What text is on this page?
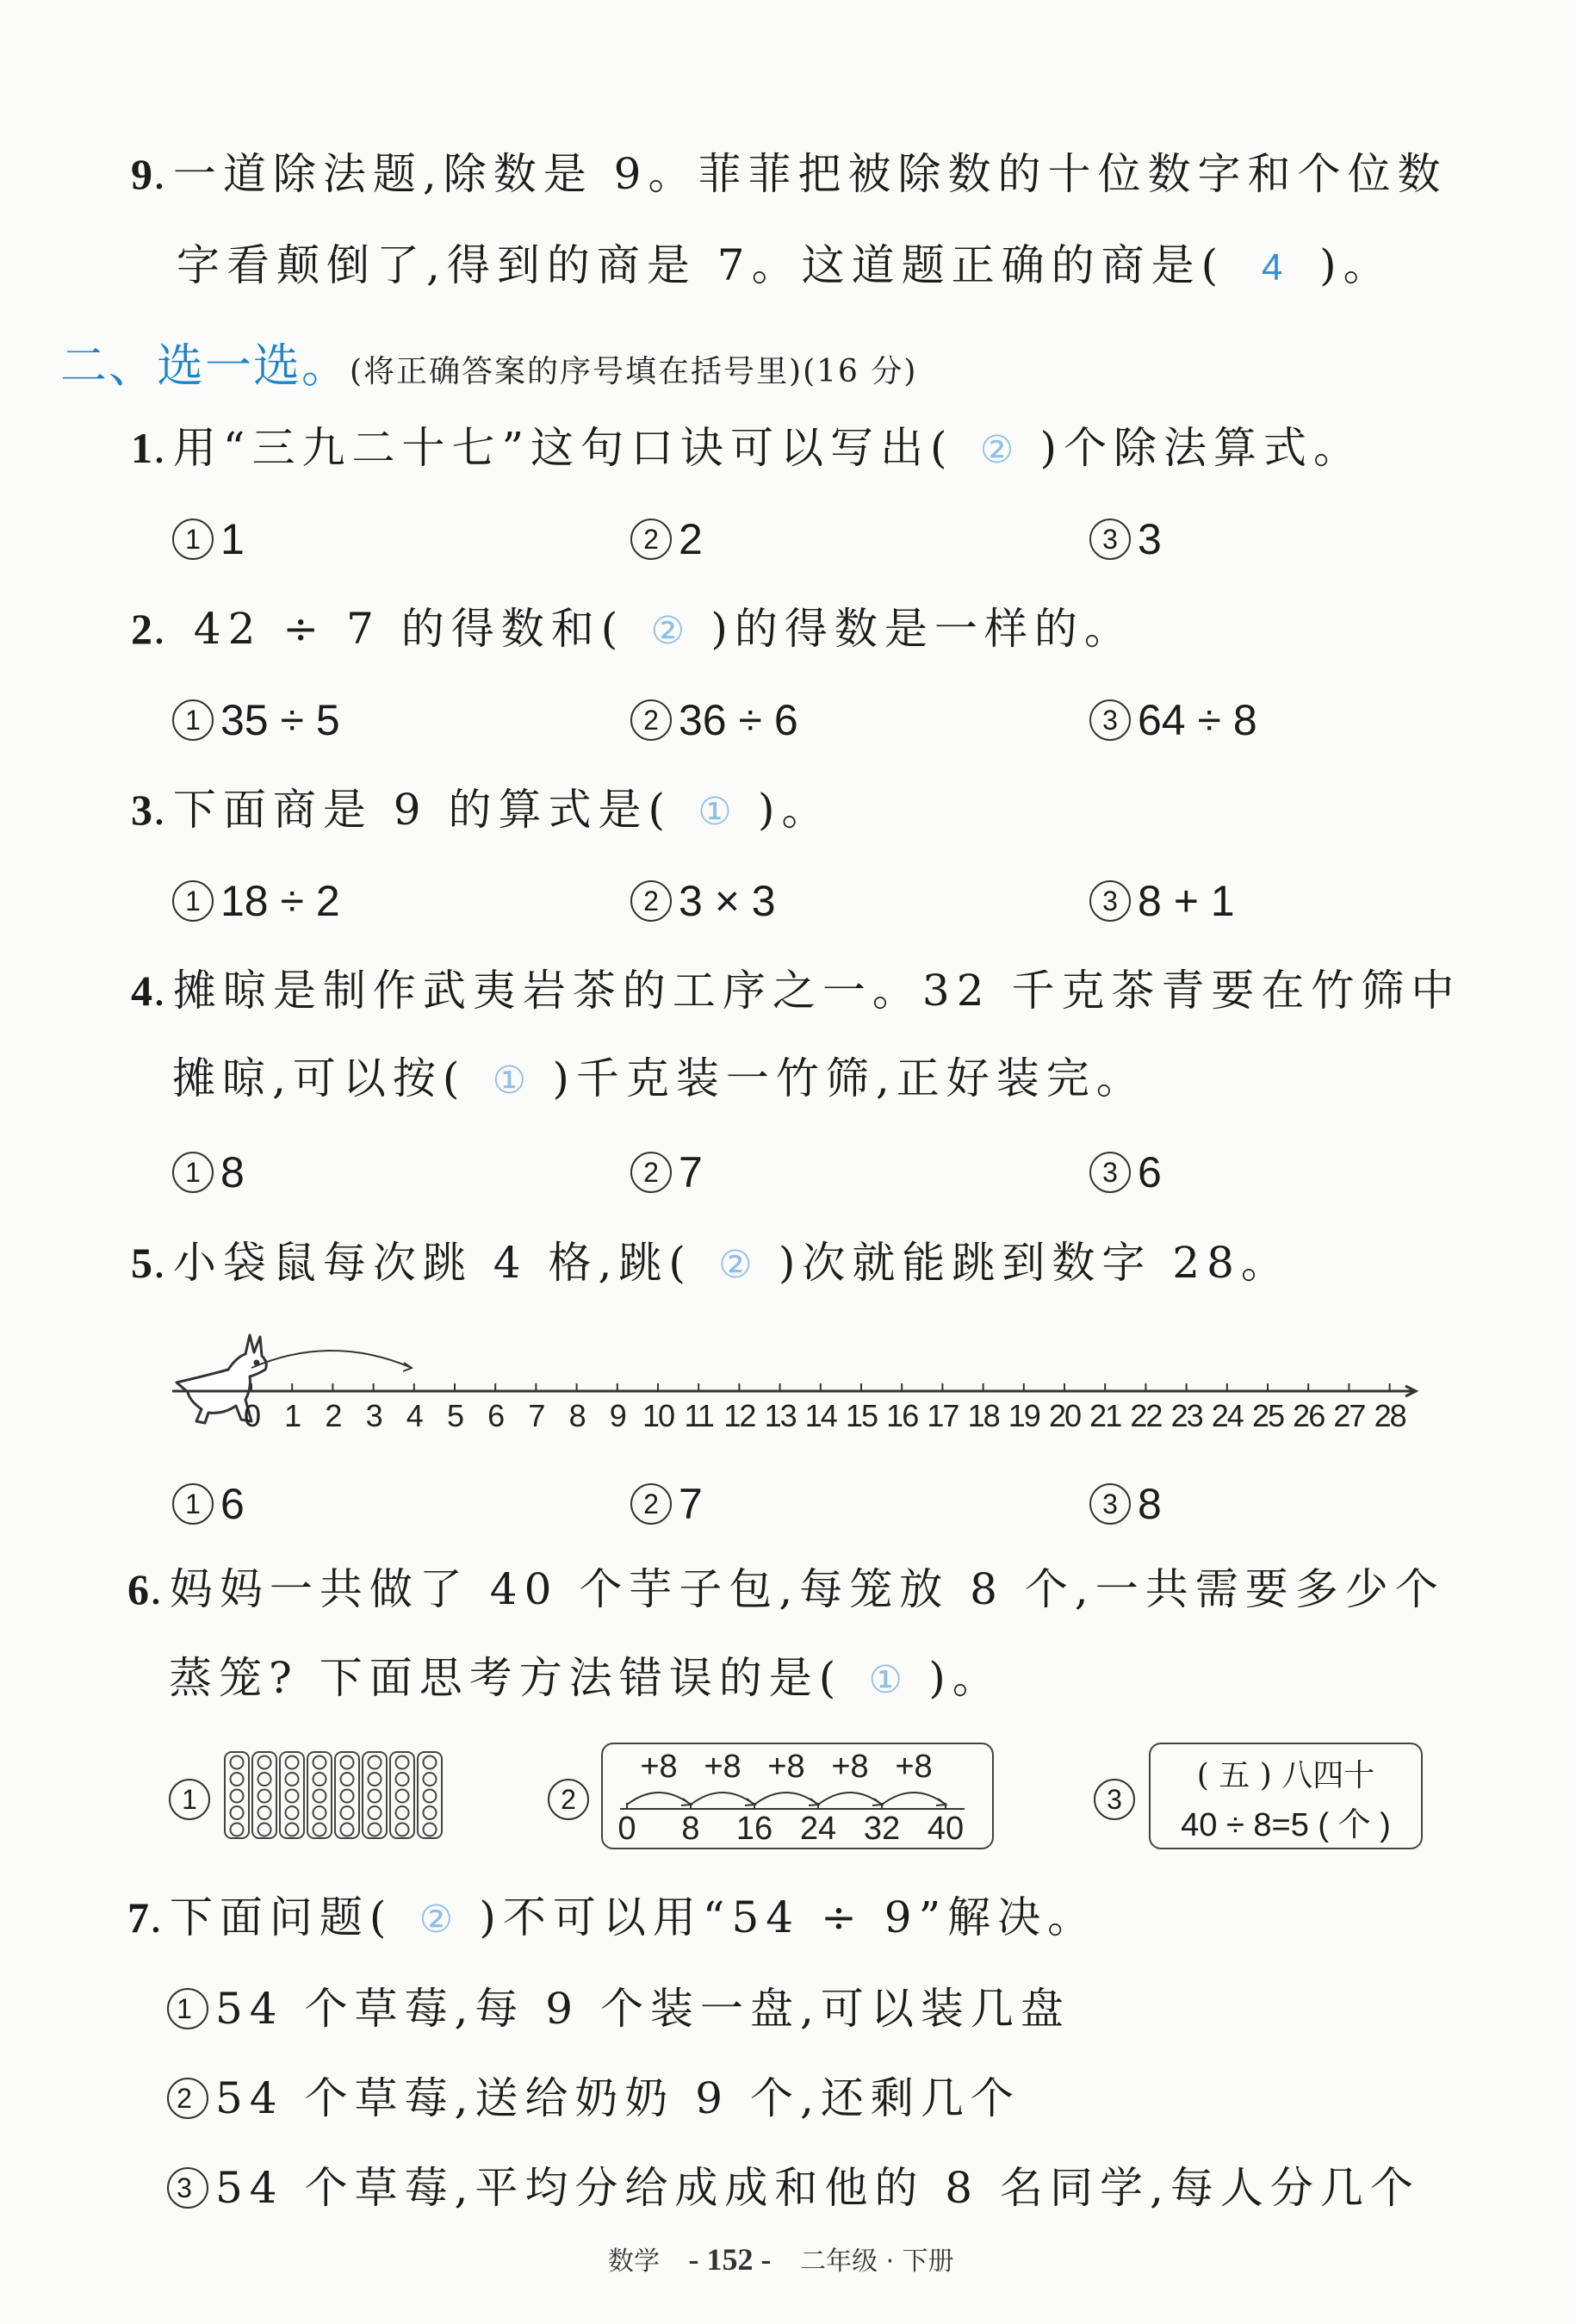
9.一道除法题,除数是 9。菲菲把被除数的十位数字和个位数
字看颠倒了,得到的商是 7。这道题正确的商是( 4 )。
二、选一选。(将正确答案的序号填在括号里)(16 分)
1.用“三九二十七”这句口诀可以写出( ② )个除法算式。
1 1	2 2	3 3
2. 42 ÷ 7 的得数和( ② )的得数是一样的。
1 35 ÷ 5	2 36 ÷ 6	3 64 ÷ 8
3.下面商是 9 的算式是( ① )。
1 18 ÷ 2	2 3 × 3	3 8 + 1
4.摊晾是制作武夷岩茶的工序之一。32 千克茶青要在竹筛中
摊晾,可以按( ① )千克装一竹筛,正好装完。
1 8	2 7	3 6
5.小袋鼠每次跳 4 格,跳( ② )次就能跳到数字 28。
0 1 2 3 4 5 6 7 8 9 10 11 12 13 14 15 16 17 18 19 20 21 22 23 24 25 26 27 28
1 6	2 7	3 8
6.妈妈一共做了 40 个芋子包,每笼放 8 个,一共需要多少个
蒸笼? 下面思考方法错误的是( ① )。
1	2
0 8 16 24 32 40
+8 +8 +8 +8 +8
3
( 五 ) 八四十
40 ÷ 8=5 ( 个 )
7.下面问题( ② )不可以用“54 ÷ 9”解决。
1 54 个草莓,每 9 个装一盘,可以装几盘
2 54 个草莓,送给奶奶 9 个,还剩几个
3 54 个草莓,平均分给成成和他的 8 名同学,每人分几个
数学 - 152 - 二年级 · 下册
